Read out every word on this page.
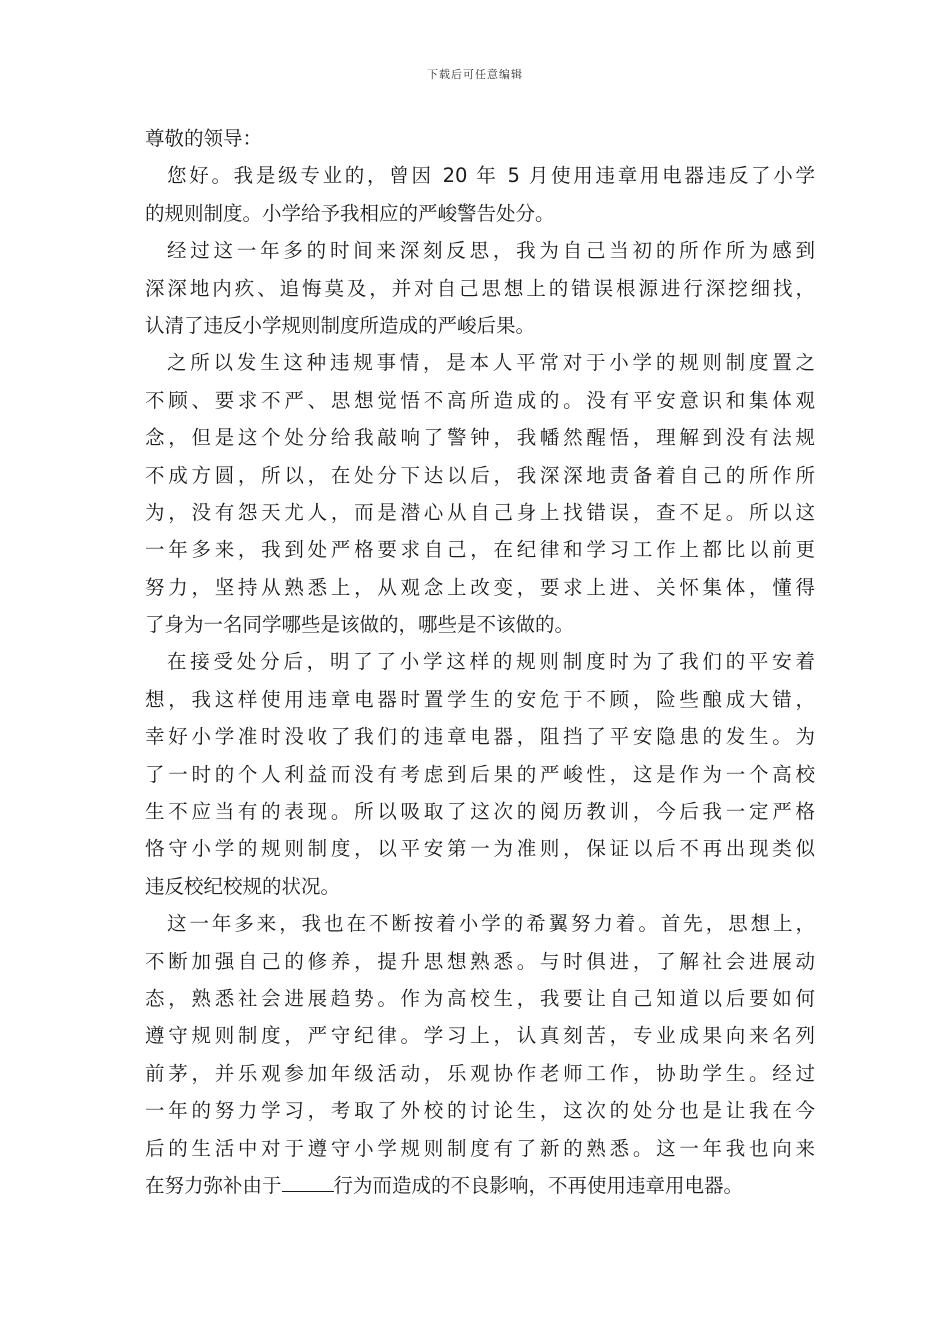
下载后可任意编辑
尊敬的领导：
您好。我是级专业的，曾因 20 年 5 月使用违章用电器违反了小学
的规则制度。小学给予我相应的严峻警告处分。
经过这一年多的时间来深刻反思，我为自己当初的所作所为感到
深深地内疚、追悔莫及，并对自己思想上的错误根源进行深挖细找，
认清了违反小学规则制度所造成的严峻后果。
之所以发生这种违规事情，是本人平常对于小学的规则制度置之
不顾、要求不严、思想觉悟不高所造成的。没有平安意识和集体观
念，但是这个处分给我敲响了警钟，我幡然醒悟，理解到没有法规
不成方圆，所以，在处分下达以后，我深深地责备着自己的所作所
为，没有怨天尤人，而是潜心从自己身上找错误，查不足。所以这
一年多来，我到处严格要求自己，在纪律和学习工作上都比以前更
努力，坚持从熟悉上，从观念上改变，要求上进、关怀集体，懂得
了身为一名同学哪些是该做的，哪些是不该做的。
在接受处分后，明了了小学这样的规则制度时为了我们的平安着
想，我这样使用违章电器时置学生的安危于不顾，险些酿成大错，
幸好小学准时没收了我们的违章电器，阻挡了平安隐患的发生。为
了一时的个人利益而没有考虑到后果的严峻性，这是作为一个高校
生不应当有的表现。所以吸取了这次的阅历教训，今后我一定严格
恪守小学的规则制度，以平安第一为准则，保证以后不再出现类似
违反校纪校规的状况。
这一年多来，我也在不断按着小学的希翼努力着。首先，思想上，
不断加强自己的修养，提升思想熟悉。与时俱进，了解社会进展动
态，熟悉社会进展趋势。作为高校生，我要让自己知道以后要如何
遵守规则制度，严守纪律。学习上，认真刻苦，专业成果向来名列
前茅，并乐观参加年级活动，乐观协作老师工作，协助学生。经过
一年的努力学习，考取了外校的讨论生，这次的处分也是让我在今
后的生活中对于遵守小学规则制度有了新的熟悉。这一年我也向来
在努力弥补由于	行为而造成的不良影响，不再使用违章用电器。
